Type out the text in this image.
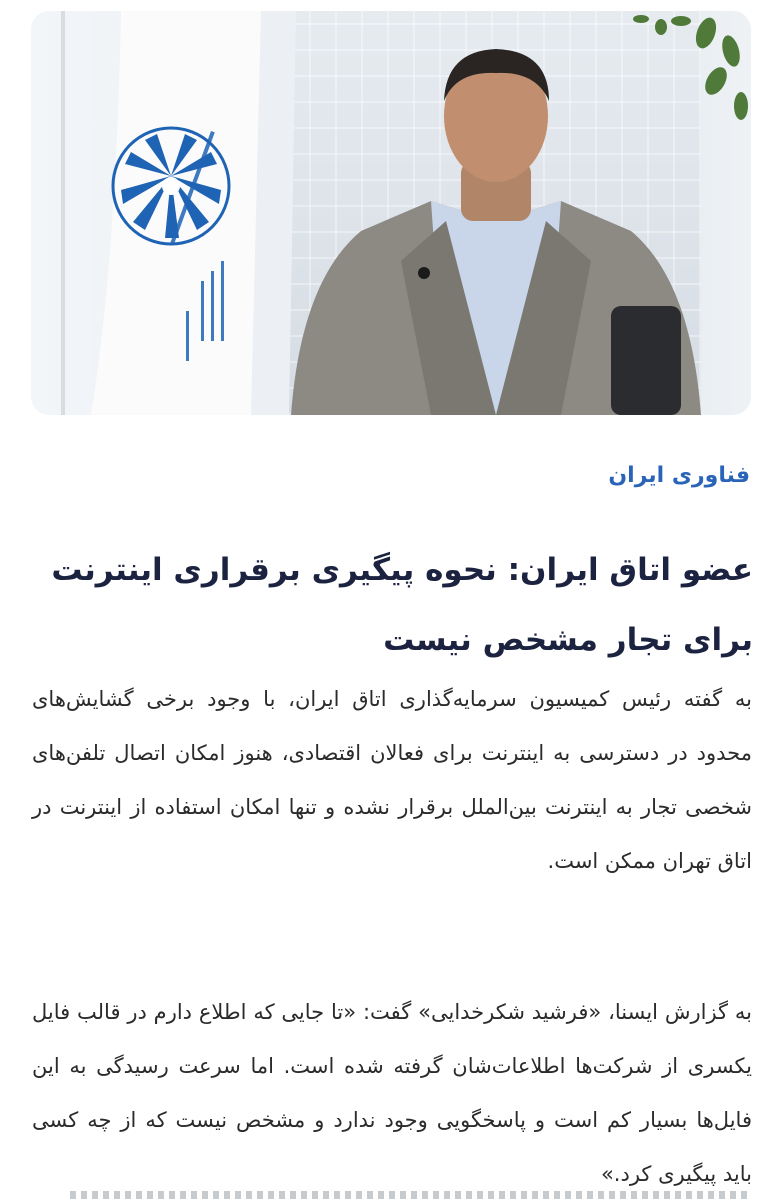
فناوری ایران
عضو اتاق ایران: نحوه پیگیری برقراری اینترنت برای تجار مشخص نیست

به گفته رئیس کمیسیون سرمایه‌گذاری اتاق ایران، با وجود برخی گشایش‌های محدود در دسترسی به اینترنت برای فعالان اقتصادی، هنوز امکان اتصال تلفن‌های شخصی تجار به اینترنت بین‌الملل برقرار نشده و تنها امکان استفاده از اینترنت در اتاق تهران ممکن است.

به گزارش ایسنا، «فرشید شکرخدایی» گفت: «تا جایی که اطلاع دارم در قالب فایل یکسری از شرکت‌ها اطلاعات‌شان گرفته شده است. اما سرعت رسیدگی به این فایل‌ها بسیار کم است و پاسخگویی وجود ندارد و مشخص نیست که از چه کسی باید پیگیری کرد.»
